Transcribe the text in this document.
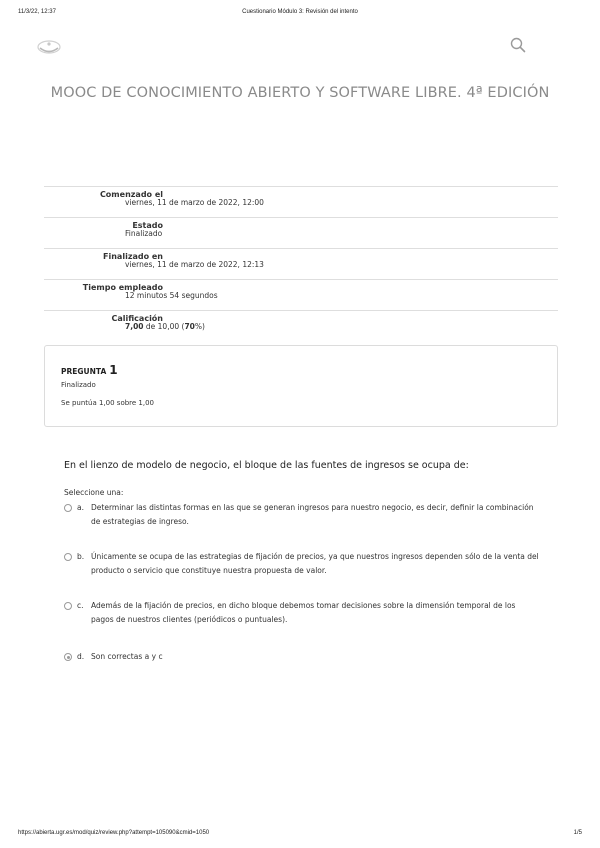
11/3/22, 12:37	Cuestionario Módulo 3: Revisión del intento
MOOC DE CONOCIMIENTO ABIERTO Y SOFTWARE LIBRE. 4ª EDICIÓN
Comenzado el
viernes, 11 de marzo de 2022, 12:00
Estado
Finalizado
Finalizado en
viernes, 11 de marzo de 2022, 12:13
Tiempo empleado
12 minutos 54 segundos
Calificación
7,00 de 10,00 (70%)
PREGUNTA 1
Finalizado
Se puntúa 1,00 sobre 1,00
En el lienzo de modelo de negocio, el bloque de las fuentes de ingresos se ocupa de:
Seleccione una:
a. Determinar las distintas formas en las que se generan ingresos para nuestro negocio, es decir, definir la combinación de estrategias de ingreso.
b. Únicamente se ocupa de las estrategias de fijación de precios, ya que nuestros ingresos dependen sólo de la venta del producto o servicio que constituye nuestra propuesta de valor.
c. Además de la fijación de precios, en dicho bloque debemos tomar decisiones sobre la dimensión temporal de los pagos de nuestros clientes (periódicos o puntuales).
d. Son correctas a y c
https://abierta.ugr.es/mod/quiz/review.php?attempt=105090&cmid=1050	1/5
